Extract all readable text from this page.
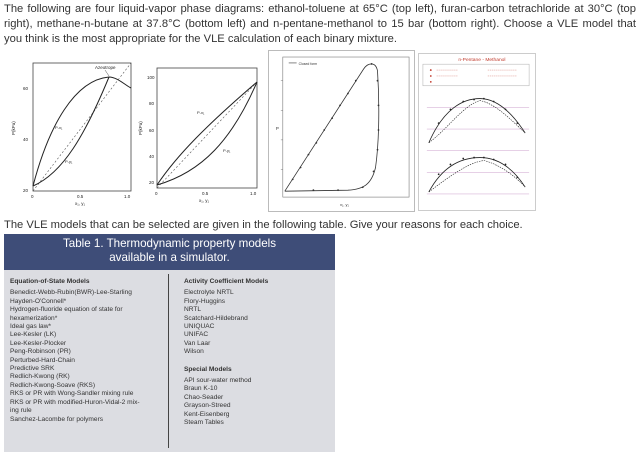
The following are four liquid-vapor phase diagrams: ethanol-toluene at 65°C (top left), furan-carbon tetrachloride at 30°C (top right), methane-n-butane at 37.8°C (bottom left) and n-pentane-methanol to 15 bar (bottom right). Choose a VLE model that you think is the most appropriate for the VLE calculation of each binary mixture.

Azeotrope
P-x₁
P-y₁
20
40
60
0	0.5	1.0
x₁, y₁
P(kPa)
P-x₁
P-y₁
20
40
60
80
100
0	0.5	1.0
x₁, y₁
P(kPa)
Closed form
P
x₁, y₁
n-Pentane - Methanol

The VLE models that can be selected are given in the following table. Give your reasons for each choice.

Table 1. Thermodynamic property models
available in a simulator.
Equation-of-State Models
Benedict-Webb-Rubin(BWR)-Lee-Starling
Hayden-O'Connell*
Hydrogen-fluoride equation of state for
hexamerization*
Ideal gas law*
Lee-Kesler (LK)
Lee-Kesler-Plocker
Peng-Robinson (PR)
Perturbed-Hard-Chain
Predictive SRK
Redlich-Kwong (RK)
Redlich-Kwong-Soave (RKS)
RKS or PR with Wong-Sandler mixing rule
RKS or PR with modified-Huron-Vidal-2 mix-
ing rule
Sanchez-Lacombe for polymers
Activity Coefficient Models
Electrolyte NRTL
Flory-Huggins
NRTL
Scatchard-Hildebrand
UNIQUAC
UNIFAC
Van Laar
Wilson
Special Models
API sour-water method
Braun K-10
Chao-Seader
Grayson-Streed
Kent-Eisenberg
Steam Tables
